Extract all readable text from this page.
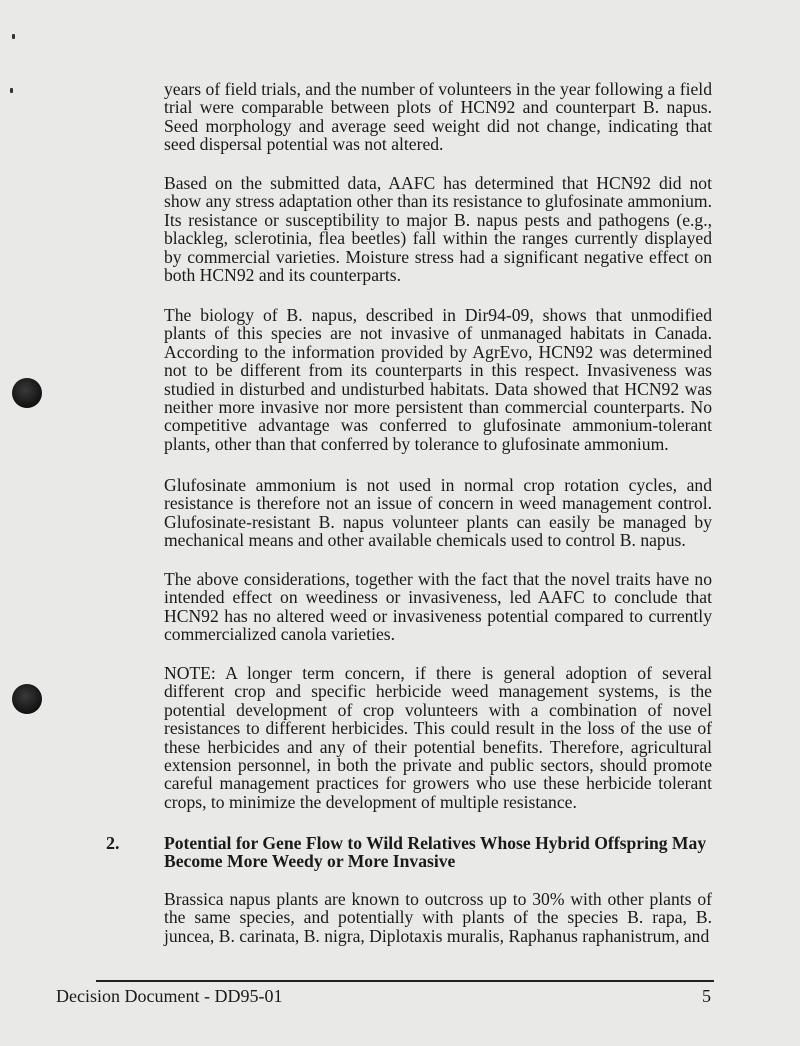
years of field trials, and the number of volunteers in the year following a field trial were comparable between plots of HCN92 and counterpart B. napus. Seed morphology and average seed weight did not change, indicating that seed dispersal potential was not altered.

Based on the submitted data, AAFC has determined that HCN92 did not show any stress adaptation other than its resistance to glufosinate ammonium. Its resistance or susceptibility to major B. napus pests and pathogens (e.g., blackleg, sclerotinia, flea beetles) fall within the ranges currently displayed by commercial varieties. Moisture stress had a significant negative effect on both HCN92 and its counterparts.

The biology of B. napus, described in Dir94-09, shows that unmodified plants of this species are not invasive of unmanaged habitats in Canada. According to the information provided by AgrEvo, HCN92 was determined not to be different from its counterparts in this respect. Invasiveness was studied in disturbed and undisturbed habitats. Data showed that HCN92 was neither more invasive nor more persistent than commercial counterparts. No competitive advantage was conferred to glufosinate ammonium-tolerant plants, other than that conferred by tolerance to glufosinate ammonium.

Glufosinate ammonium is not used in normal crop rotation cycles, and resistance is therefore not an issue of concern in weed management control. Glufosinate-resistant B. napus volunteer plants can easily be managed by mechanical means and other available chemicals used to control B. napus.

The above considerations, together with the fact that the novel traits have no intended effect on weediness or invasiveness, led AAFC to conclude that HCN92 has no altered weed or invasiveness potential compared to currently commercialized canola varieties.

NOTE: A longer term concern, if there is general adoption of several different crop and specific herbicide weed management systems, is the potential development of crop volunteers with a combination of novel resistances to different herbicides. This could result in the loss of the use of these herbicides and any of their potential benefits. Therefore, agricultural extension personnel, in both the private and public sectors, should promote careful management practices for growers who use these herbicide tolerant crops, to minimize the development of multiple resistance.

2.	Potential for Gene Flow to Wild Relatives Whose Hybrid Offspring May Become More Weedy or More Invasive

Brassica napus plants are known to outcross up to 30% with other plants of the same species, and potentially with plants of the species B. rapa, B. juncea, B. carinata, B. nigra, Diplotaxis muralis, Raphanus raphanistrum, and

Decision Document - DD95-01	5
